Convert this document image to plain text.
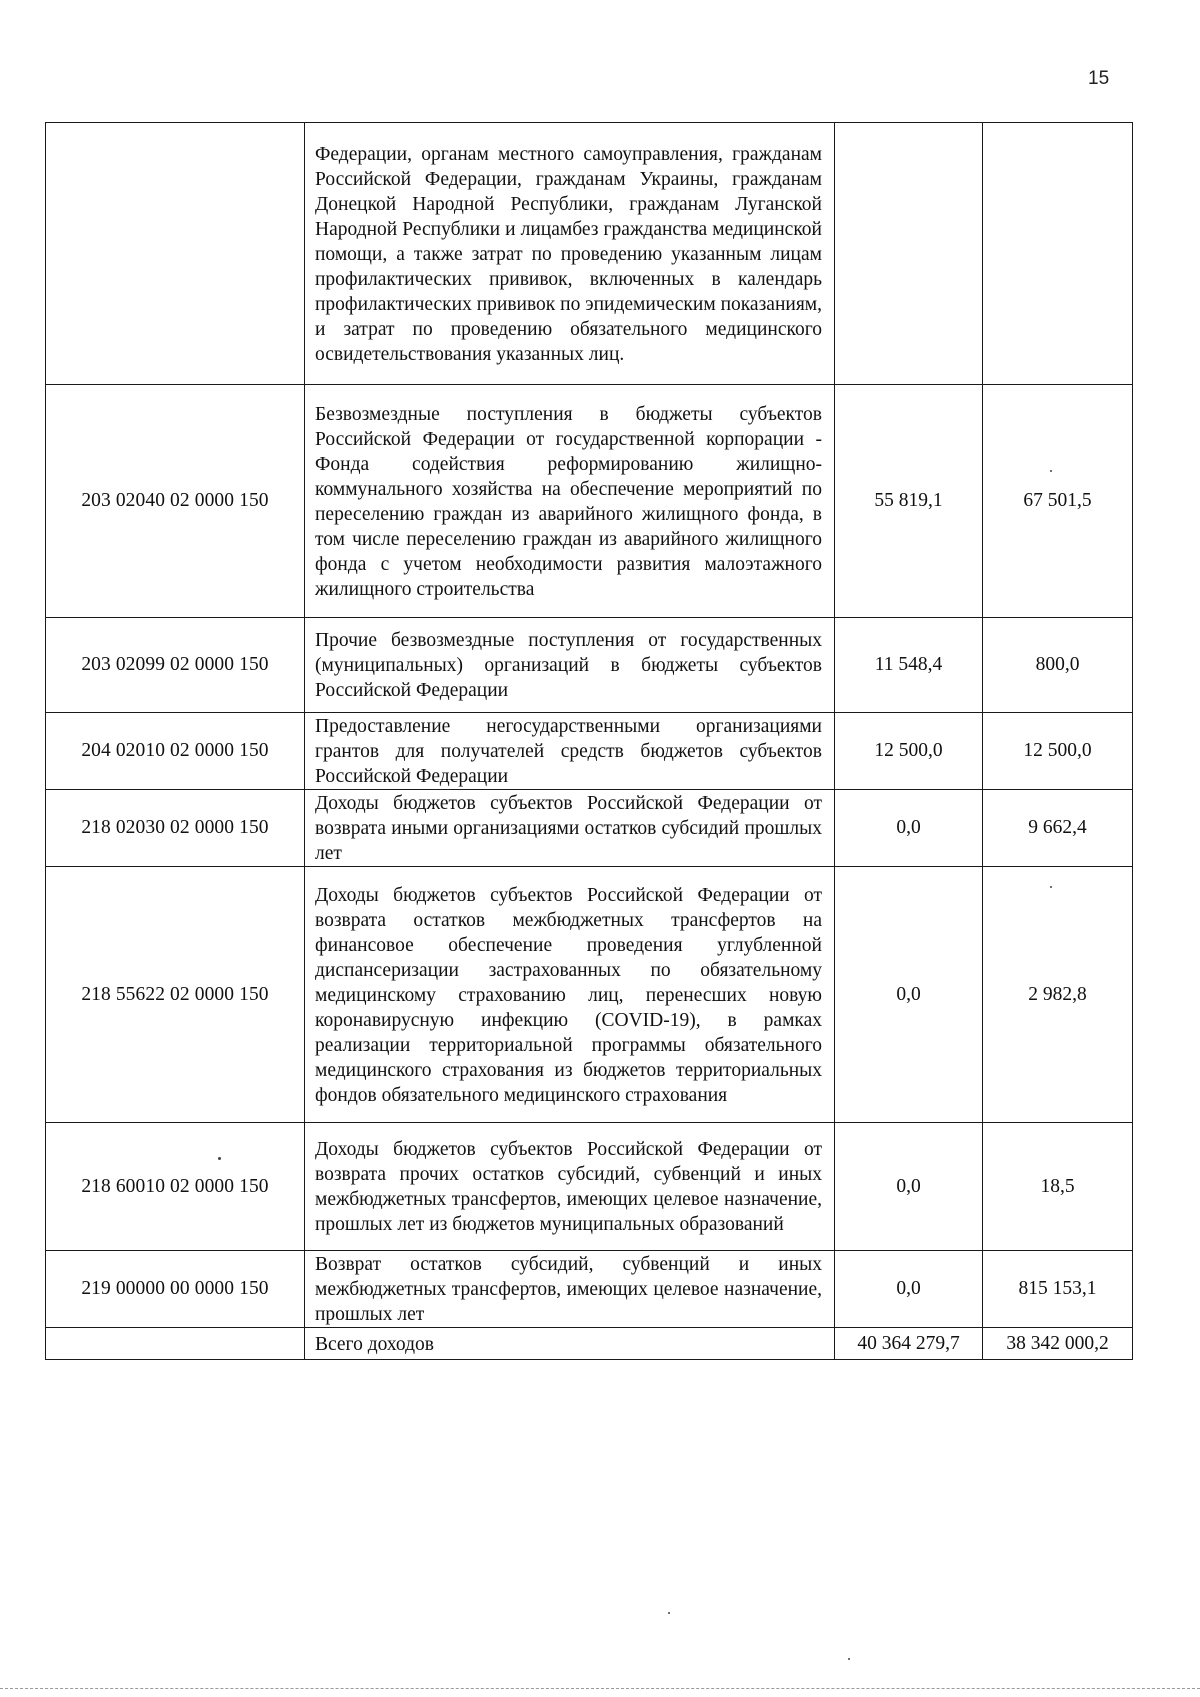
15
	Федерации, органам местного самоуправления, гражданам Российской Федерации, гражданам Украины, гражданам Донецкой Народной Республики, гражданам Луганской Народной Республики и лицамбез гражданства медицинской помощи, а также затрат по проведению указанным лицам профилактических прививок, включенных в календарь профилактических прививок по эпидемическим показаниям, и затрат по проведению обязательного медицинского освидетельствования указанных лиц.		
203 02040 02 0000 150	Безвозмездные поступления в бюджеты субъектов Российской Федерации от государственной корпорации - Фонда содействия реформированию жилищно-коммунального хозяйства на обеспечение мероприятий по переселению граждан из аварийного жилищного фонда, в том числе переселению граждан из аварийного жилищного фонда с учетом необходимости развития малоэтажного жилищного строительства	55 819,1	67 501,5
203 02099 02 0000 150	Прочие безвозмездные поступления от государственных (муниципальных) организаций в бюджеты субъектов Российской Федерации	11 548,4	800,0
204 02010 02 0000 150	Предоставление негосударственными организациями грантов для получателей средств бюджетов субъектов Российской Федерации	12 500,0	12 500,0
218 02030 02 0000 150	Доходы бюджетов субъектов Российской Федерации от возврата иными организациями остатков субсидий прошлых лет	0,0	9 662,4
218 55622 02 0000 150	Доходы бюджетов субъектов Российской Федерации от возврата остатков межбюджетных трансфертов на финансовое обеспечение проведения углубленной диспансеризации застрахованных по обязательному медицинскому страхованию лиц, перенесших новую коронавирусную инфекцию (COVID-19), в рамках реализации территориальной программы обязательного медицинского страхования из бюджетов территориальных фондов обязательного медицинского страхования	0,0	2 982,8
218 60010 02 0000 150	Доходы бюджетов субъектов Российской Федерации от возврата прочих остатков субсидий, субвенций и иных межбюджетных трансфертов, имеющих целевое назначение, прошлых лет из бюджетов муниципальных образований	0,0	18,5
219 00000 00 0000 150	Возврат остатков субсидий, субвенций и иных межбюджетных трансфертов, имеющих целевое назначение, прошлых лет	0,0	815 153,1
	Всего доходов	40 364 279,7	38 342 000,2
